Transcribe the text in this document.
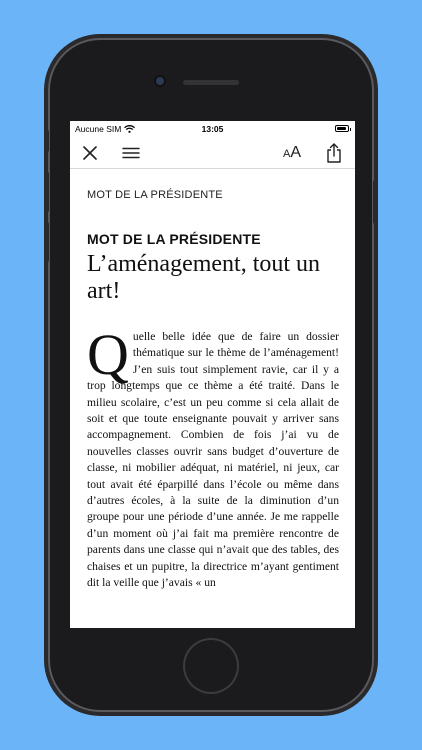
Aucune SIM	13:05
AA
MOT DE LA PRÉSIDENTE
MOT DE LA PRÉSIDENTE
L’aménagement, tout un art!
Quelle belle idée que de faire un dossier thématique sur le thème de l’aménagement! J’en suis tout simplement ravie, car il y a trop longtemps que ce thème a été traité. Dans le milieu scolaire, c’est un peu comme si cela allait de soit et que toute enseignante pouvait y arriver sans accompagnement. Combien de fois j’ai vu de nouvelles classes ouvrir sans budget d’ouverture de classe, ni mobilier adéquat, ni matériel, ni jeux, car tout avait été éparpillé dans l’école ou même dans d’autres écoles, à la suite de la diminution d’un groupe pour une période d’une année. Je me rappelle d’un moment où j’ai fait ma première rencontre de parents dans une classe qui n’avait que des tables, des chaises et un pupitre, la directrice m’ayant gentiment dit la veille que j’avais « un
